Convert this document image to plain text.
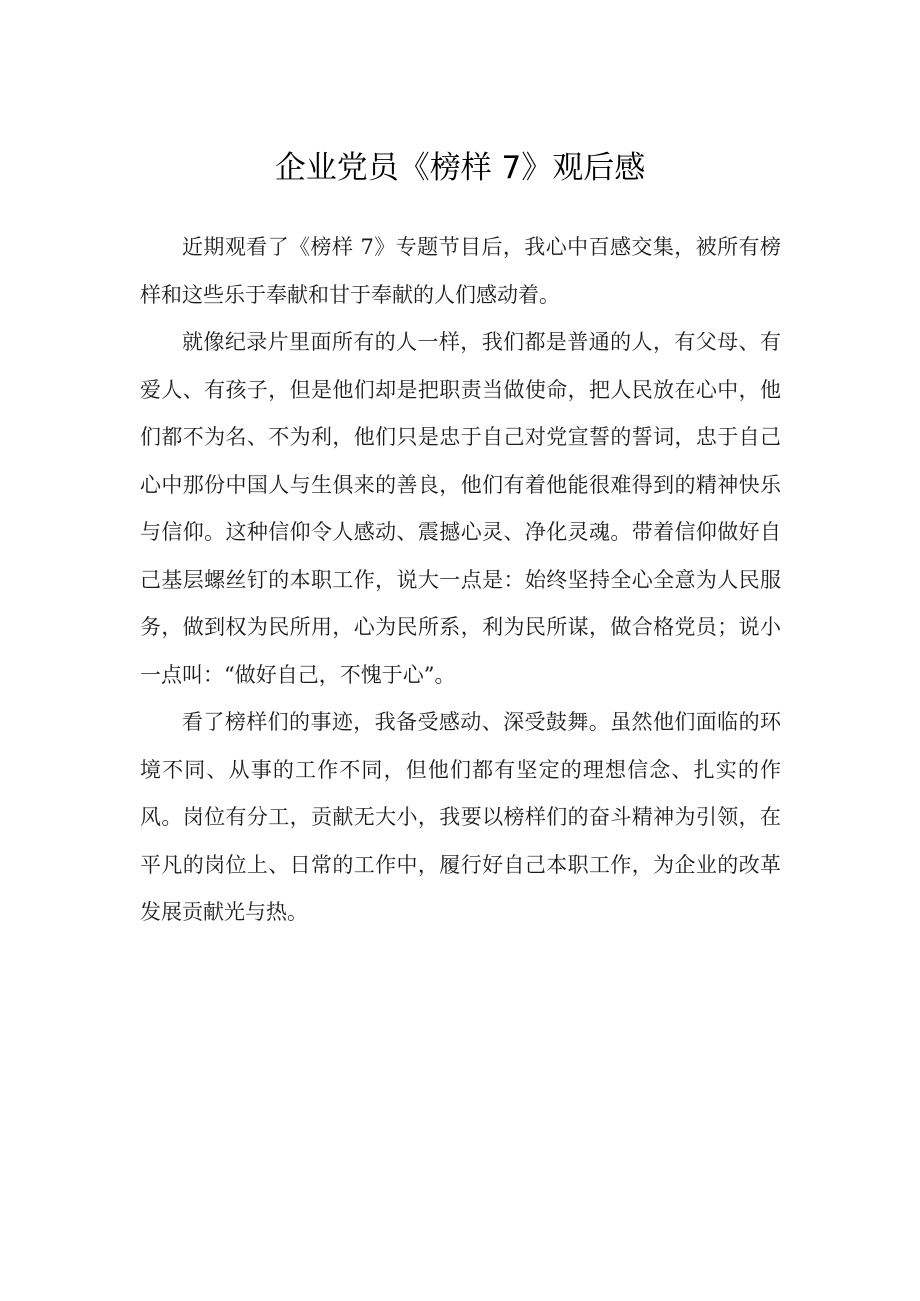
企业党员《榜样 7》观后感

近期观看了《榜样 7》专题节目后，我心中百感交集，被所有榜样和这些乐于奉献和甘于奉献的人们感动着。

就像纪录片里面所有的人一样，我们都是普通的人，有父母、有爱人、有孩子，但是他们却是把职责当做使命，把人民放在心中，他们都不为名、不为利，他们只是忠于自己对党宣誓的誓词，忠于自己心中那份中国人与生俱来的善良，他们有着他能很难得到的精神快乐与信仰。这种信仰令人感动、震撼心灵、净化灵魂。带着信仰做好自己基层螺丝钉的本职工作，说大一点是：始终坚持全心全意为人民服务，做到权为民所用，心为民所系，利为民所谋，做合格党员；说小一点叫：“做好自己，不愧于心”。

看了榜样们的事迹，我备受感动、深受鼓舞。虽然他们面临的环境不同、从事的工作不同，但他们都有坚定的理想信念、扎实的作风。岗位有分工，贡献无大小，我要以榜样们的奋斗精神为引领，在平凡的岗位上、日常的工作中，履行好自己本职工作，为企业的改革发展贡献光与热。
